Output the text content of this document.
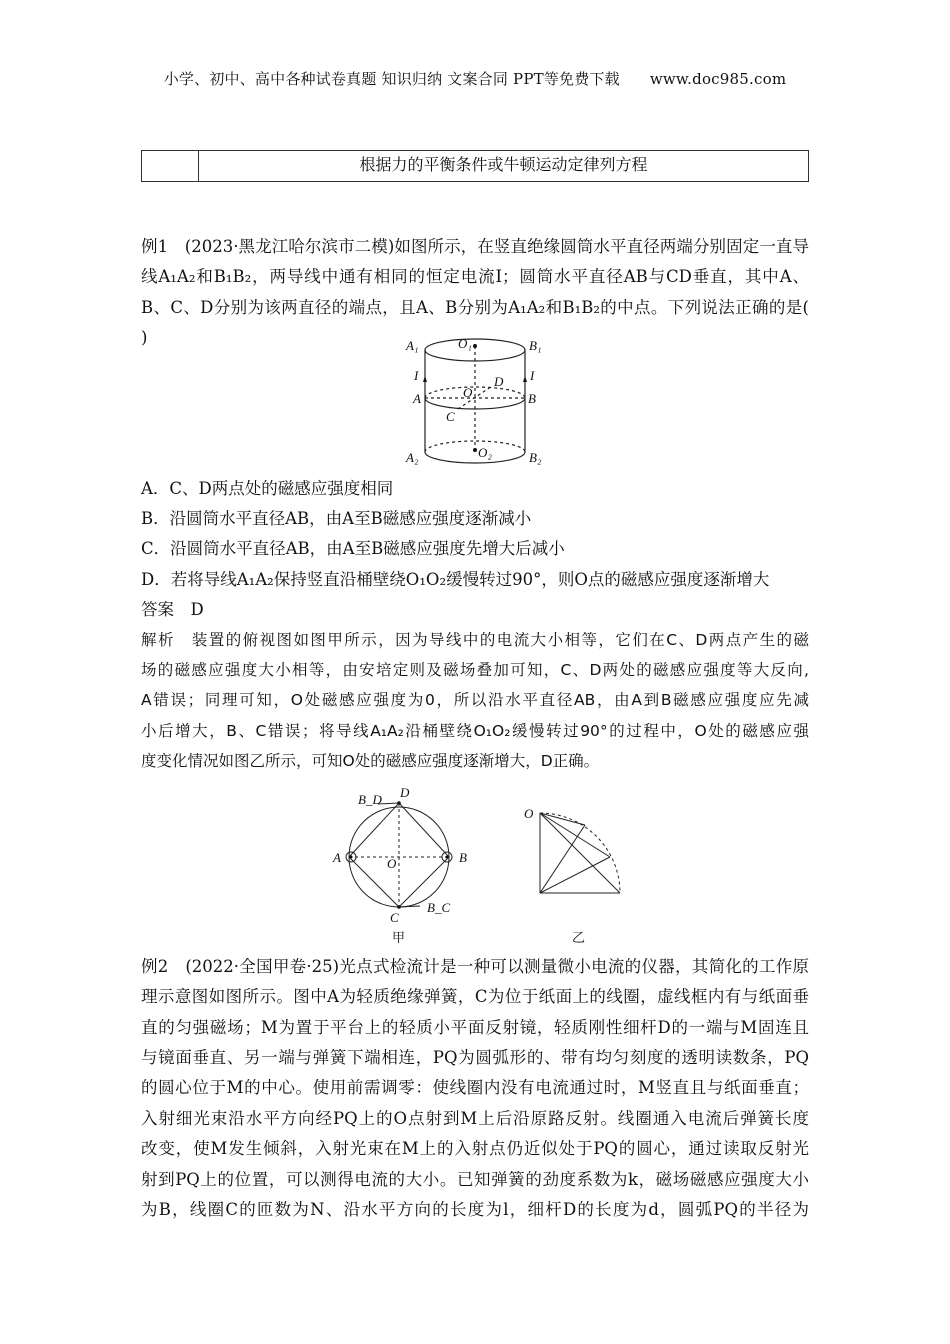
小学、初中、高中各种试卷真题 知识归纳 文案合同 PPT等免费下载 www.doc985.com
根据力的平衡条件或牛顿运动定律列方程
例1　(2023·黑龙江哈尔滨市二模)如图所示，在竖直绝缘圆筒水平直径两端分别固定一直导
线A₁A₂和B₁B₂，两导线中通有相同的恒定电流I；圆筒水平直径AB与CD垂直，其中A、
B、C、D分别为该两直径的端点，且A、B分别为A₁A₂和B₁B₂的中点。下列说法正确的是(
)	A₁	B₁
O₁
I	I
D
O
A	B
C
A₂	B₂
O₂
A．C、D两点处的磁感应强度相同
B．沿圆筒水平直径AB，由A至B磁感应强度逐渐减小
C．沿圆筒水平直径AB，由A至B磁感应强度先增大后减小
D．若将导线A₁A₂保持竖直沿桶壁绕O₁O₂缓慢转过90°，则O点的磁感应强度逐渐增大
答案　D
解析　装置的俯视图如图甲所示，因为导线中的电流大小相等，它们在C、D两点产生的磁
场的磁感应强度大小相等，由安培定则及磁场叠加可知，C、D两处的磁感应强度等大反向,
A错误；同理可知，O处磁感应强度为0，所以沿水平直径AB，由A到B磁感应强度应先减
小后增大，B、C错误；将导线A₁A₂沿桶壁绕O₁O₂缓慢转过90°的过程中，O处的磁感应强
度变化情况如图乙所示，可知O处的磁感应强度逐渐增大，D正确。
B_D D
A	O	B
C
B_C
甲
O
乙
例2　(2022·全国甲卷·25)光点式检流计是一种可以测量微小电流的仪器，其简化的工作原
理示意图如图所示。图中A为轻质绝缘弹簧，C为位于纸面上的线圈，虚线框内有与纸面垂
直的匀强磁场；M为置于平台上的轻质小平面反射镜，轻质刚性细杆D的一端与M固连且
与镜面垂直、另一端与弹簧下端相连，PQ为圆弧形的、带有均匀刻度的透明读数条，PQ
的圆心位于M的中心。使用前需调零：使线圈内没有电流通过时，M竖直且与纸面垂直；
入射细光束沿水平方向经PQ上的O点射到M上后沿原路反射。线圈通入电流后弹簧长度
改变，使M发生倾斜，入射光束在M上的入射点仍近似处于PQ的圆心，通过读取反射光
射到PQ上的位置，可以测得电流的大小。已知弹簧的劲度系数为k，磁场磁感应强度大小
为B，线圈C的匝数为N、沿水平方向的长度为l，细杆D的长度为d，圆弧PQ的半径为
